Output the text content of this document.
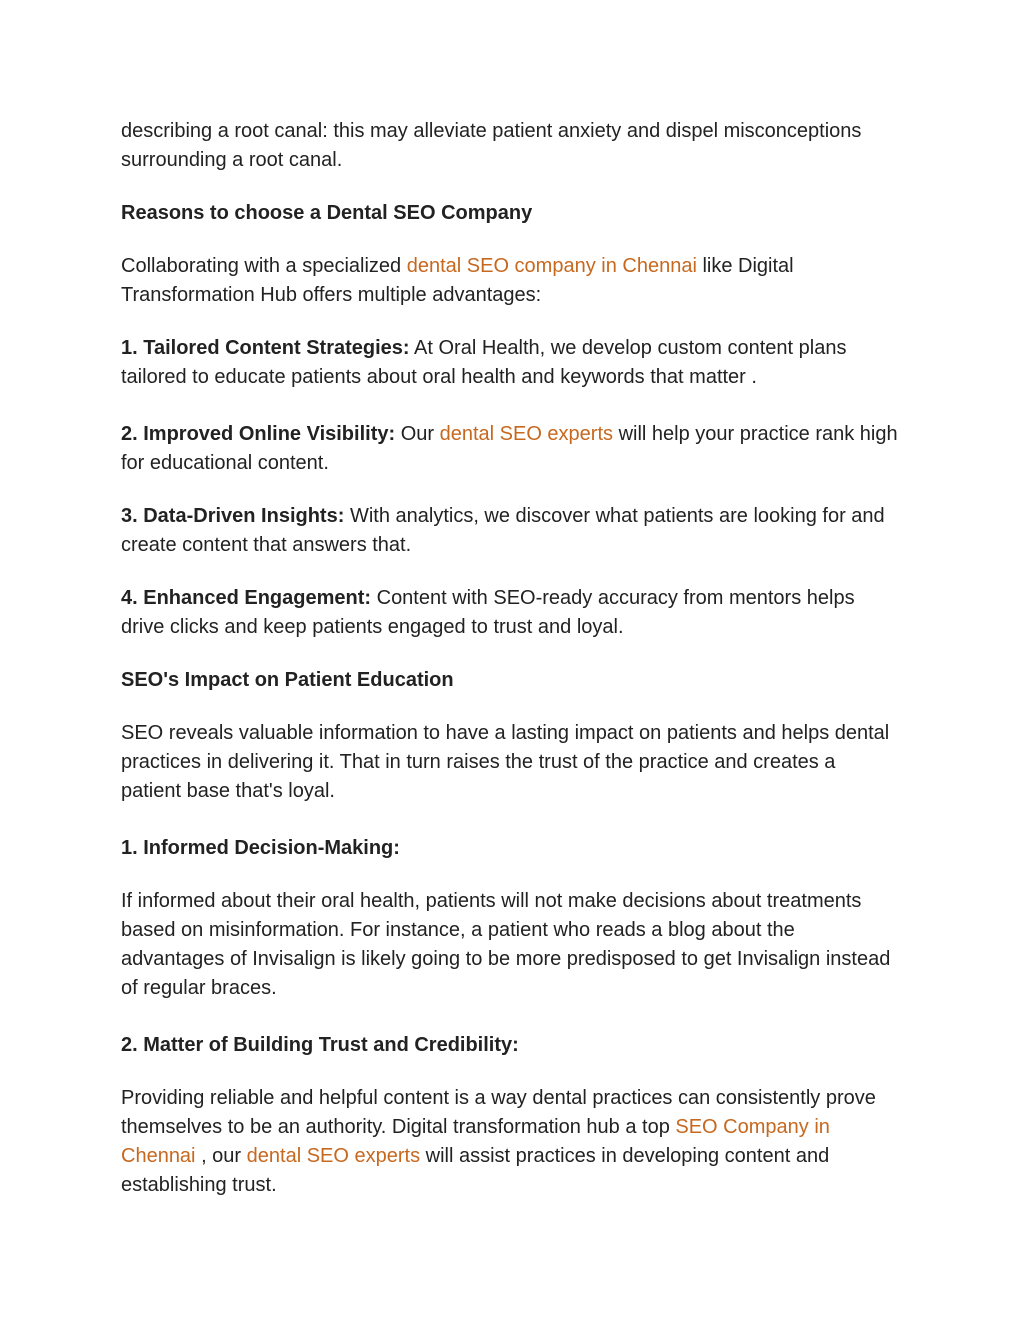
describing a root canal: this may alleviate patient anxiety and dispel misconceptions surrounding a root canal.

Reasons to choose a Dental SEO Company

Collaborating with a specialized dental SEO company in Chennai like Digital Transformation Hub offers multiple advantages:

1. Tailored Content Strategies: At Oral Health, we develop custom content plans tailored to educate patients about oral health and keywords that matter .

2. Improved Online Visibility: Our dental SEO experts will help your practice rank high for educational content.

3. Data-Driven Insights: With analytics, we discover what patients are looking for and create content that answers that.

4. Enhanced Engagement: Content with SEO-ready accuracy from mentors helps drive clicks and keep patients engaged to trust and loyal.

SEO's Impact on Patient Education

SEO reveals valuable information to have a lasting impact on patients and helps dental practices in delivering it. That in turn raises the trust of the practice and creates a patient base that's loyal.

1. Informed Decision-Making:

If informed about their oral health, patients will not make decisions about treatments based on misinformation. For instance, a patient who reads a blog about the advantages of Invisalign is likely going to be more predisposed to get Invisalign instead of regular braces.

2. Matter of Building Trust and Credibility:

Providing reliable and helpful content is a way dental practices can consistently prove themselves to be an authority. Digital transformation hub a top SEO Company in Chennai , our dental SEO experts will assist practices in developing content and establishing trust.
